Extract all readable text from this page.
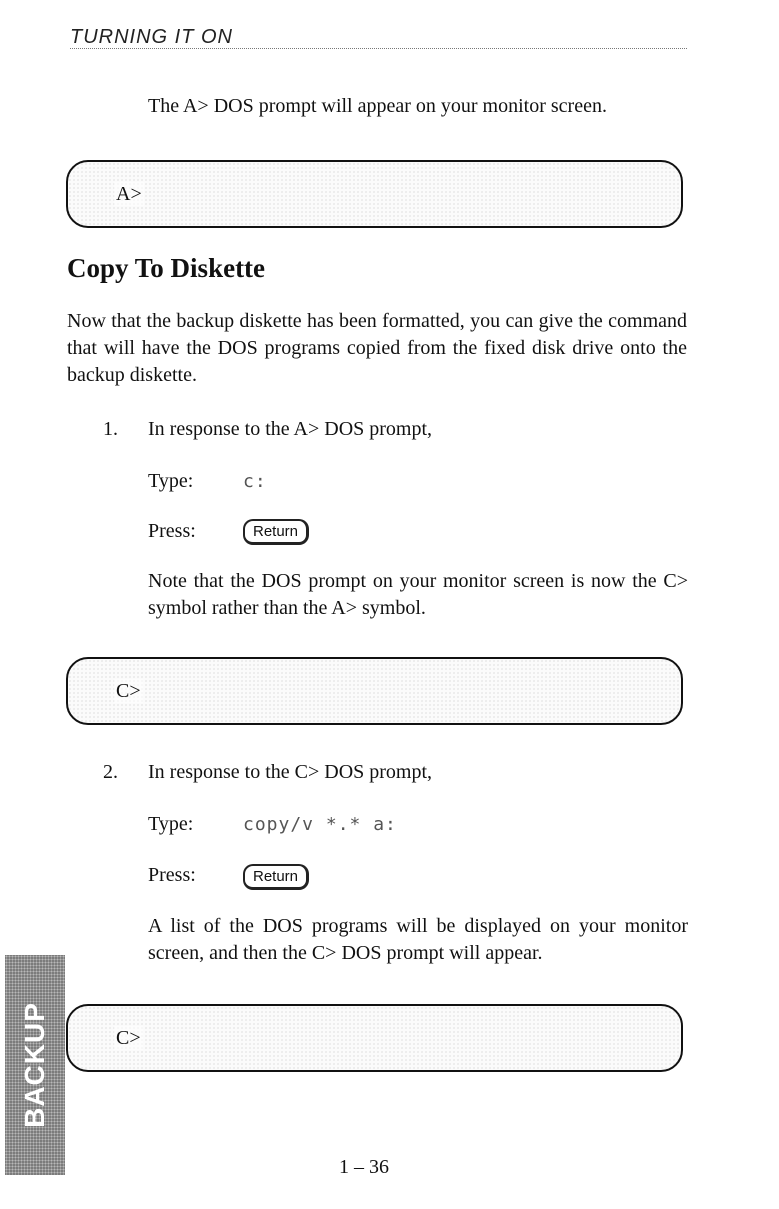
TURNING IT ON
The A> DOS prompt will appear on your monitor screen.
A>
Copy To Diskette
Now that the backup diskette has been formatted, you can give the command that will have the DOS programs copied from the fixed disk drive onto the backup diskette.
1.	In response to the A> DOS prompt,
Type:	c:
Press:	Return
Note that the DOS prompt on your monitor screen is now the C> symbol rather than the A> symbol.
C>
2.	In response to the C> DOS prompt,
Type:	copy/v *.* a:
Press:	Return
A list of the DOS programs will be displayed on your monitor screen, and then the C> DOS prompt will appear.
C>
BACKUP
1 – 36
